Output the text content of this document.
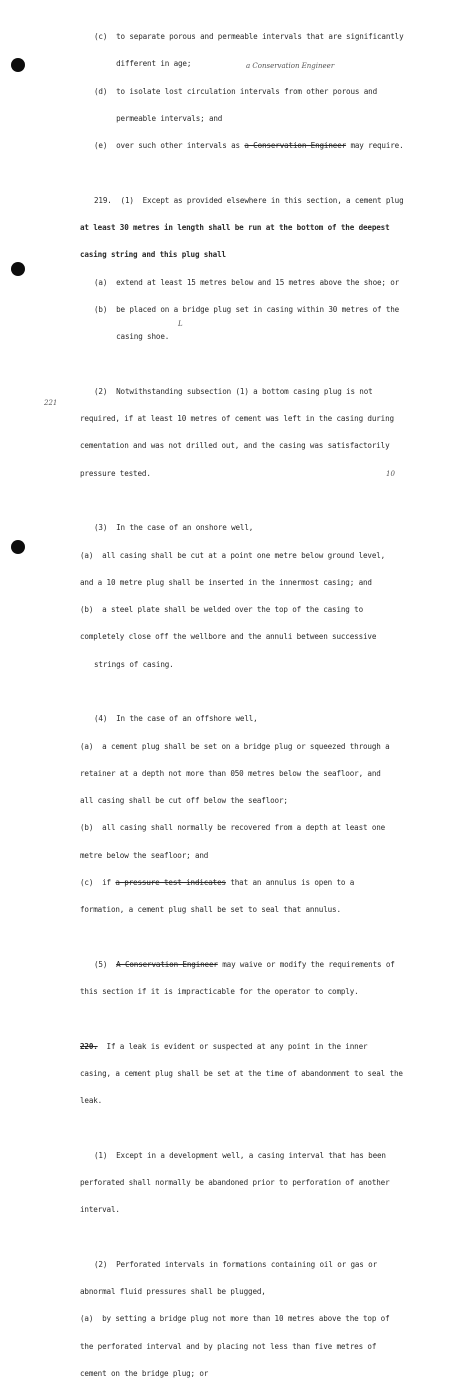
(c)  to separate porous and permeable intervals that are significantly

different in age;

(d)  to isolate lost circulation intervals from other porous and

permeable intervals; and

(e)  over such other intervals as a Conservation Engineer may require.

219.  (1)  Except as provided elsewhere in this section, a cement plug

at least 30 metres in length shall be run at the bottom of the deepest

casing string and this plug shall

(a)  extend at least 15 metres below and 15 metres above the shoe; or

(b)  be placed on a bridge plug set in casing within 30 metres of the

casing shoe.

(2)  Notwithstanding subsection (1) a bottom casing plug is not

required, if at least 10 metres of cement was left in the casing during

cementation and was not drilled out, and the casing was satisfactorily

pressure tested.

(3)  In the case of an onshore well,

(a)  all casing shall be cut at a point one metre below ground level,

and a 10 metre plug shall be inserted in the innermost casing; and

(b)  a steel plate shall be welded over the top of the casing to

completely close off the wellbore and the annuli between successive

strings of casing.

(4)  In the case of an offshore well,

(a)  a cement plug shall be set on a bridge plug or squeezed through a

retainer at a depth not more than 050 metres below the seafloor, and

all casing shall be cut off below the seafloor;

(b)  all casing shall normally be recovered from a depth at least one

metre below the seafloor; and

(c)  if a pressure test indicates that an annulus is open to a

formation, a cement plug shall be set to seal that annulus.

(5)  A Conservation Engineer may waive or modify the requirements of

this section if it is impracticable for the operator to comply.

220.  If a leak is evident or suspected at any point in the inner

casing, a cement plug shall be set at the time of abandonment to seal the

leak.

(1)  Except in a development well, a casing interval that has been

perforated shall normally be abandoned prior to perforation of another

interval.

(2)  Perforated intervals in formations containing oil or gas or

abnormal fluid pressures shall be plugged,

(a)  by setting a bridge plug not more than 10 metres above the top of

the perforated interval and by placing not less than five metres of

cement on the bridge plug; or

a Conservation Engineer
L
221
10
